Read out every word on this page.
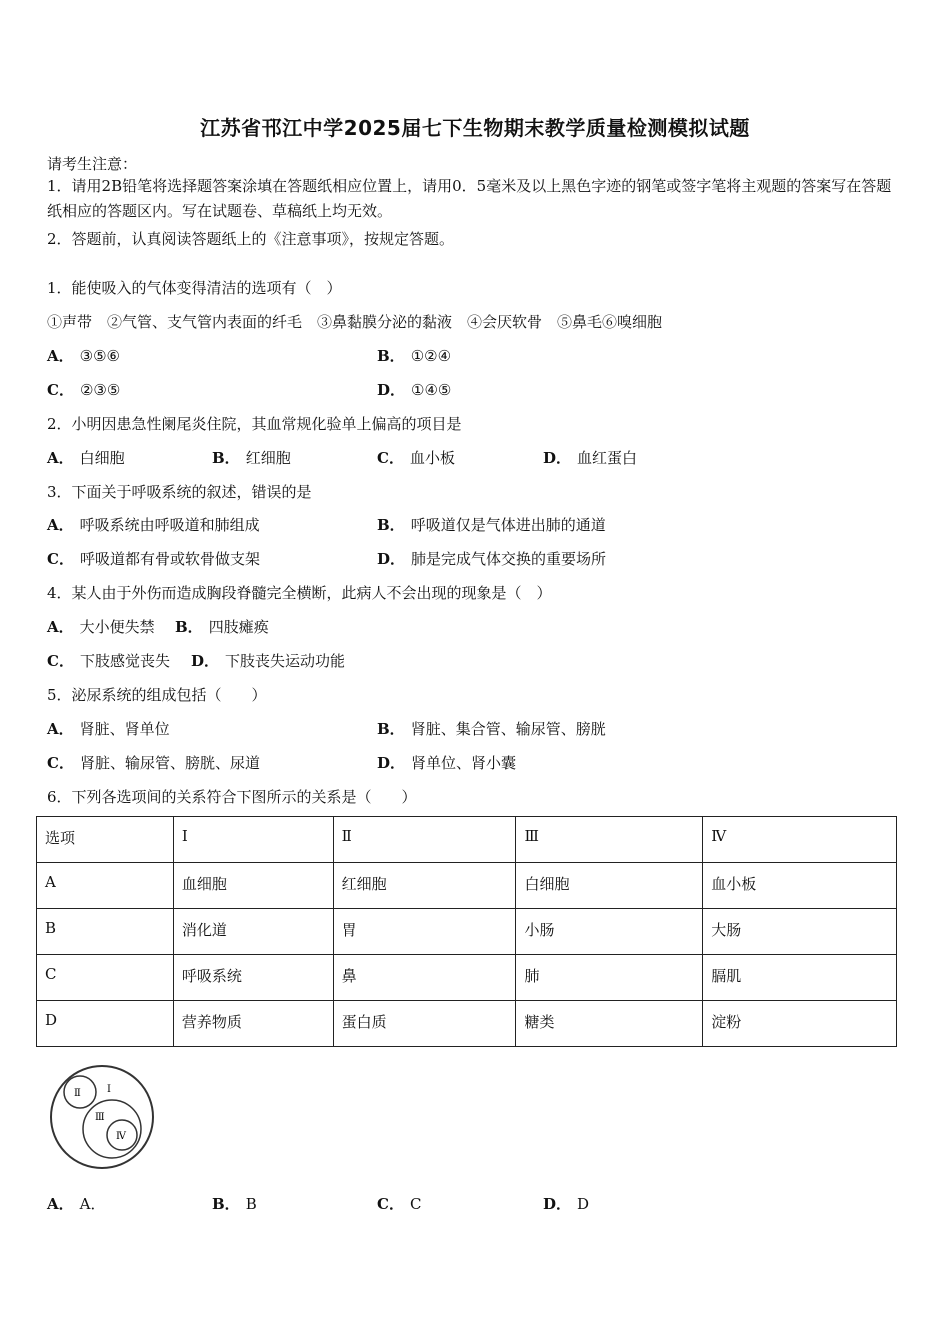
江苏省邗江中学2025届七下生物期末教学质量检测模拟试题
请考生注意：
1．请用2B铅笔将选择题答案涂填在答题纸相应位置上，请用0．5毫米及以上黑色字迹的钢笔或签字笔将主观题的答案写在答题纸相应的答题区内。写在试题卷、草稿纸上均无效。
2．答题前，认真阅读答题纸上的《注意事项》，按规定答题。
1．能使吸入的气体变得清洁的选项有（　）
①声带　②气管、支气管内表面的纤毛　③鼻黏膜分泌的黏液　④会厌软骨　⑤鼻毛⑥嗅细胞
A． ③⑤⑥	B． ①②④
C． ②③⑤	D． ①④⑤
2．小明因患急性阑尾炎住院，其血常规化验单上偏高的项目是
A． 白细胞	B． 红细胞	C． 血小板	D． 血红蛋白
3．下面关于呼吸系统的叙述，错误的是
A． 呼吸系统由呼吸道和肺组成	B． 呼吸道仅是气体进出肺的通道
C． 呼吸道都有骨或软骨做支架	D． 肺是完成气体交换的重要场所
4．某人由于外伤而造成胸段脊髓完全横断，此病人不会出现的现象是（　）
A． 大小便失禁 B． 四肢瘫痪
C． 下肢感觉丧失 D． 下肢丧失运动功能
5．泌尿系统的组成包括（　　）
A． 肾脏、肾单位	B． 肾脏、集合管、输尿管、膀胱
C． 肾脏、输尿管、膀胱、尿道	D． 肾单位、肾小囊
6．下列各选项间的关系符合下图所示的关系是（　　）
选项	Ⅰ	Ⅱ	Ⅲ	Ⅳ
A	血细胞	红细胞	白细胞	血小板
B	消化道	胃	小肠	大肠
C	呼吸系统	鼻	肺	膈肌
D	营养物质	蛋白质	糖类	淀粉
Ⅰ
Ⅱ
Ⅲ
Ⅳ
A． A．	B． B	C． C	D． D
